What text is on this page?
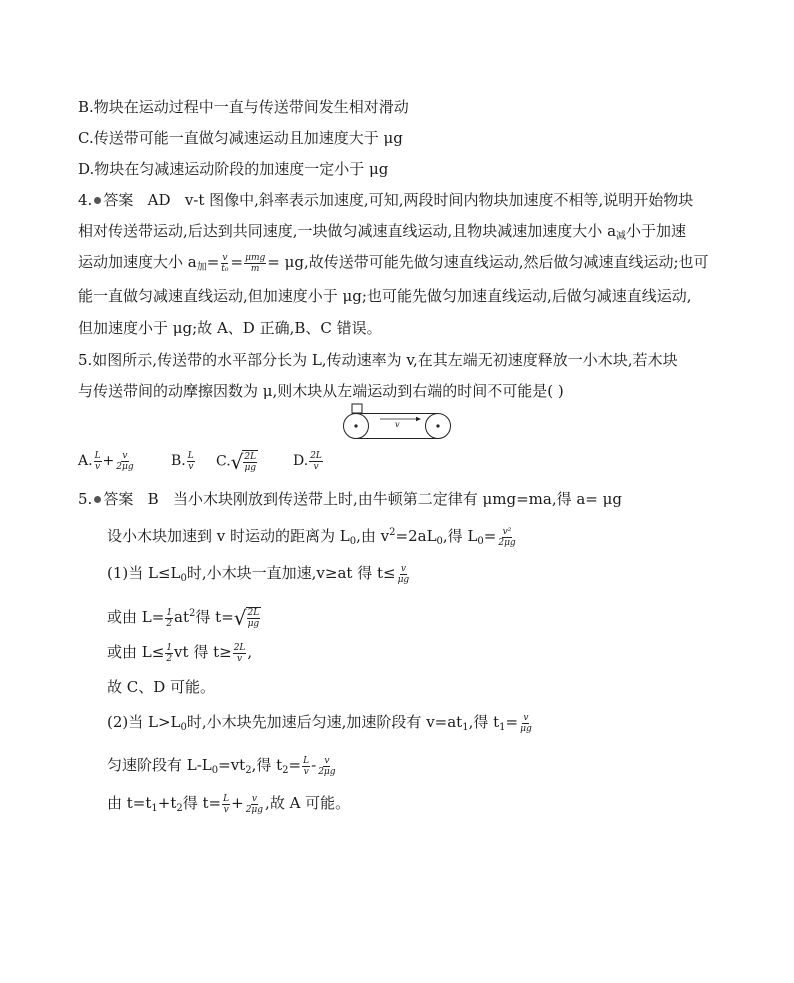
B.物块在运动过程中一直与传送带间发生相对滑动
C.传送带可能一直做匀减速运动且加速度大于 μg
D.物块在匀减速运动阶段的加速度一定小于 μg
4. 答案 AD v-t 图像中,斜率表示加速度,可知,两段时间内物块加速度不相等,说明开始物块
相对传送带运动,后达到共同速度,一块做匀减速直线运动,且物块减速加速度大小 $a_减$小于加速
运动加速度大小 $a_加= \frac{v}{\text{t₀}} = \frac{\text{μmg}}{m} = \mu g$,故传送带可能先做匀速直线运动,然后做匀减速直线运动;也可
能一直做匀减速直线运动,但加速度小于 μg;也可能先做匀加速直线运动,后做匀减速直线运动,
但加速度小于 μg;故 A、D 正确,B、C 错误。
5.如图所示,传送带的水平部分长为 L,传动速率为 v,在其左端无初速度释放一小木块,若木块
与传送带间的动摩擦因数为 μ,则木块从左端运动到右端的时间不可能是( )
v
A. $\frac{L}{v} + \frac{v}{2\mu g}$	B. $\frac{L}{v} C$. √ $\frac{2L}{\mu g}$	D. $\frac{2L}{v}$
5. 答案 B 当小木块刚放到传送带上时,由牛顿第二定律有 μmg=ma,得 a= μg
设小木块加速到 v 时运动的距离为 $L_0$,由 $v^2=2aL_0$,得 $L_0= \frac{\text{v²}}{2\mu g}$
(1)当 $L\le L_0$时,小木块一直加速,v≥at 得 $t\le \frac{v}{\mu g}$
或由 $L= \frac{1}{2} at^2$得 t= √ $\frac{2L}{\mu g}$
或由 $L\le \frac{1}{2}$ vt 得 $t\ge \frac{2L}{v}$ ,
故 C、D 可能。
(2)当 $L>L_0$时,小木块先加速后匀速,加速阶段有 $v=at_1$,得 $t_1= \frac{v}{\mu g}$
匀速阶段有 $L-L_0=vt_2$,得 $t_2= \frac{L}{v} - \frac{v}{2\mu g}$
由 $t=t_1+t_2$得 $t= \frac{L}{v} + \frac{v}{2\mu g}$ ,故 A 可能。
